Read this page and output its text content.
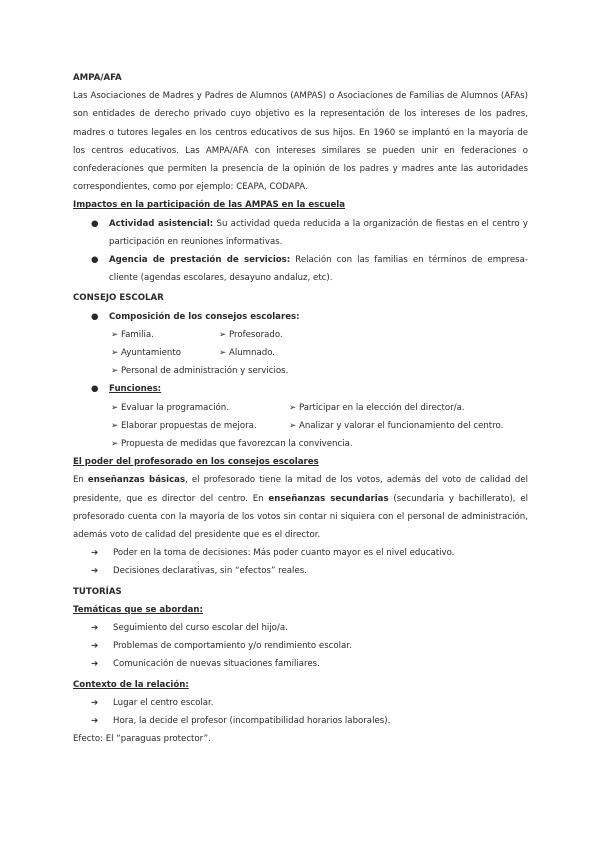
AMPA/AFA

Las Asociaciones de Madres y Padres de Alumnos (AMPAS) o Asociaciones de Familias de Alumnos (AFAs) son entidades de derecho privado cuyo objetivo es la representación de los intereses de los padres, madres o tutores legales en los centros educativos de sus hijos. En 1960 se implantó en la mayoría de los centros educativos. Las AMPA/AFA con intereses similares se pueden unir en federaciones o confederaciones que permiten la presencia de la opinión de los padres y madres ante las autoridades correspondientes, como por ejemplo: CEAPA, CODAPA.

Impactos en la participación de las AMPAS en la escuela

● Actividad asistencial: Su actividad queda reducida a la organización de fiestas en el centro y participación en reuniones informativas.
● Agencia de prestación de servicios: Relación con las familias en términos de empresa-cliente (agendas escolares, desayuno andaluz, etc).

CONSEJO ESCOLAR

● Composición de los consejos escolares:
➢ Familia.	➢ Profesorado.
➢ Ayuntamiento	➢ Alumnado.
➢ Personal de administración y servicios.
● Funciones:
➢ Evaluar la programación.	➢ Participar en la elección del director/a.
➢ Elaborar propuestas de mejora.	➢ Analizar y valorar el funcionamiento del centro.
➢ Propuesta de medidas que favorezcan la convivencia.

El poder del profesorado en los consejos escolares

En enseñanzas básicas, el profesorado tiene la mitad de los votos, además del voto de calidad del presidente, que es director del centro. En enseñanzas secundarias (secundaria y bachillerato), el profesorado cuenta con la mayoría de los votos sin contar ni siquiera con el personal de administración, además voto de calidad del presidente que es el director.

➔ Poder en la toma de decisiones: Más poder cuanto mayor es el nivel educativo.
➔ Decisiones declarativas, sin “efectos” reales.

TUTORÍAS

Temáticas que se abordan:

➔ Seguimiento del curso escolar del hijo/a.
➔ Problemas de comportamiento y/o rendimiento escolar.
➔ Comunicación de nuevas situaciones familiares.

Contexto de la relación:

➔ Lugar el centro escolar.
➔ Hora, la decide el profesor (incompatibilidad horarios laborales).

Efecto: El “paraguas protector”.
